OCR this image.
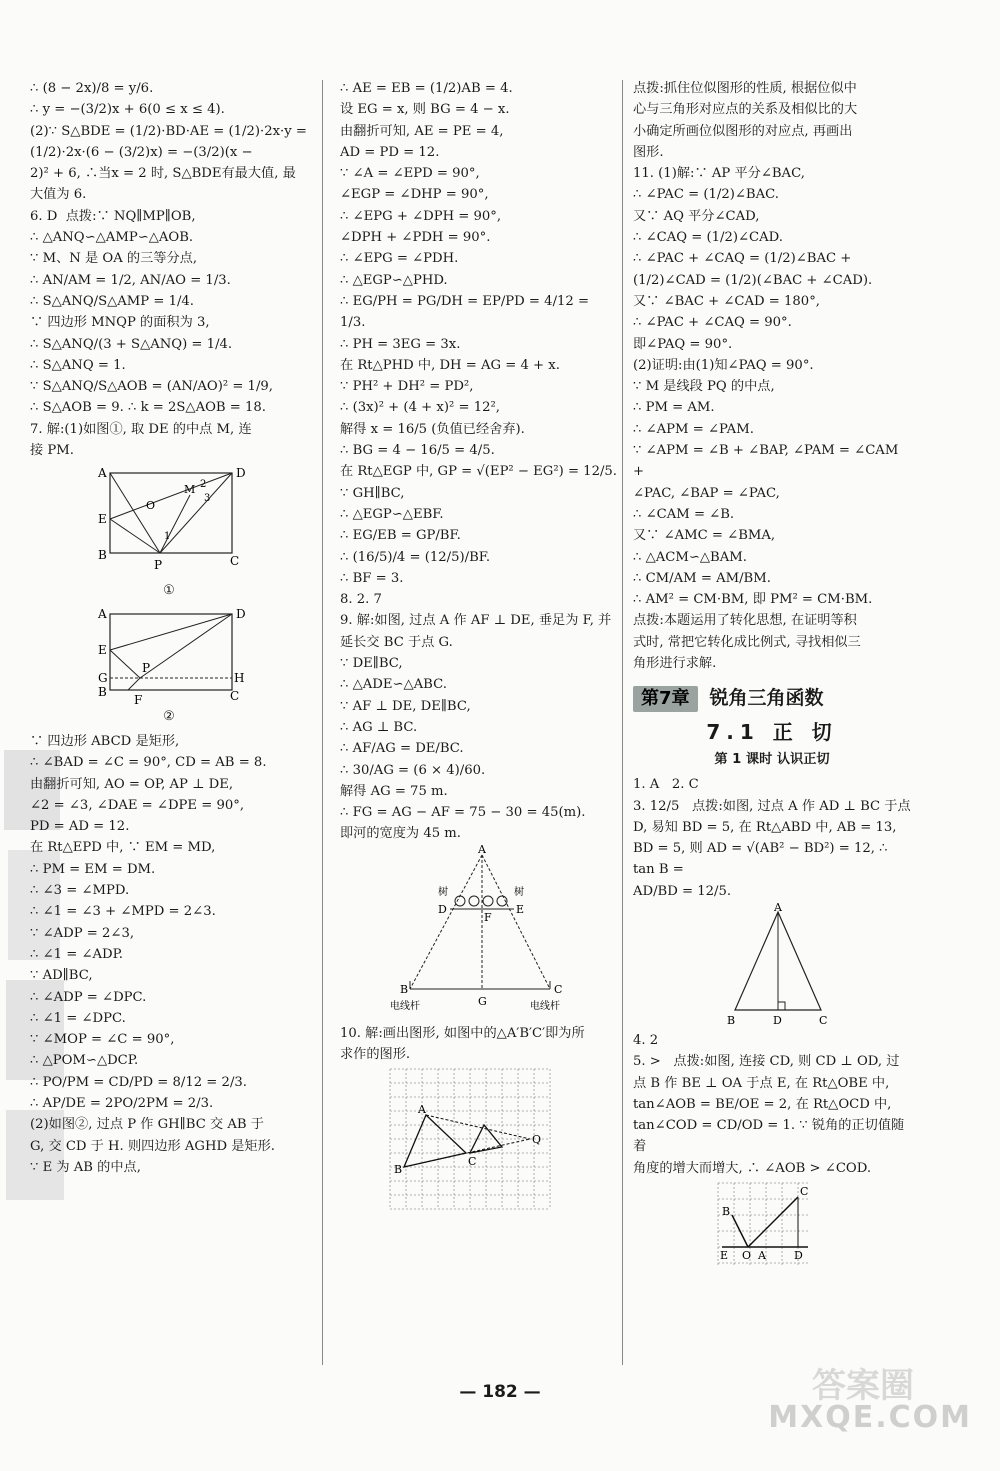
∴ (8 − 2x)/8 = y/6.
∴ y = −(3/2)x + 6(0 ≤ x ≤ 4).
(2)∵ S△BDE = (1/2)·BD·AE = (1/2)·2x·y =
(1/2)·2x·(6 − (3/2)x) = −(3/2)(x −
2)² + 6, ∴当x = 2 时, S△BDE有最大值, 最
大值为 6.
6. D  点拨:∵ NQ∥MP∥OB,
∴ △ANQ∽△AMP∽△AOB.
∵ M、N 是 OA 的三等分点,
∴ AN/AM = 1/2, AN/AO = 1/3.
∴ S△ANQ/S△AMP = 1/4.
∵ 四边形 MNQP 的面积为 3,
∴ S△ANQ/(3 + S△ANQ) = 1/4.
∴ S△ANQ = 1.
∵ S△ANQ/S△AOB = (AN/AO)² = 1/9,
∴ S△AOB = 9. ∴ k = 2S△AOB = 18.
7. 解:(1)如图①, 取 DE 的中点 M, 连
接 PM.
A	D
E
B	C
P
O
M 2
3
1
①
A	D
E
G
B
H
C
P
F
②
∵ 四边形 ABCD 是矩形,
∴ ∠BAD = ∠C = 90°, CD = AB = 8.
由翻折可知, AO = OP, AP ⊥ DE,
∠2 = ∠3, ∠DAE = ∠DPE = 90°,
PD = AD = 12.
在 Rt△EPD 中, ∵ EM = MD,
∴ PM = EM = DM.
∴ ∠3 = ∠MPD.
∴ ∠1 = ∠3 + ∠MPD = 2∠3.
∵ ∠ADP = 2∠3,
∴ ∠1 = ∠ADP.
∵ AD∥BC,
∴ ∠ADP = ∠DPC.
∴ ∠1 = ∠DPC.
∵ ∠MOP = ∠C = 90°,
∴ △POM∽△DCP.
∴ PO/PM = CD/PD = 8/12 = 2/3.
∴ AP/DE = 2PO/2PM = 2/3.
(2)如图②, 过点 P 作 GH∥BC 交 AB 于
G, 交 CD 于 H. 则四边形 AGHD 是矩形.
∵ E 为 AB 的中点,
∴ AE = EB = (1/2)AB = 4.
设 EG = x, 则 BG = 4 − x.
由翻折可知, AE = PE = 4,
AD = PD = 12.
∵ ∠A = ∠EPD = 90°,
∠EGP = ∠DHP = 90°,
∴ ∠EPG + ∠DPH = 90°,
∠DPH + ∠PDH = 90°.
∴ ∠EPG = ∠PDH.
∴ △EGP∽△PHD.
∴ EG/PH = PG/DH = EP/PD = 4/12 = 1/3.
∴ PH = 3EG = 3x.
在 Rt△PHD 中, DH = AG = 4 + x.
∵ PH² + DH² = PD²,
∴ (3x)² + (4 + x)² = 12²,
解得 x = 16/5 (负值已经舍弃).
∴ BG = 4 − 16/5 = 4/5.
在 Rt△EGP 中, GP = √(EP² − EG²) = 12/5.
∵ GH∥BC,
∴ △EGP∽△EBF.
∴ EG/EB = GP/BF.
∴ (16/5)/4 = (12/5)/BF.
∴ BF = 3.
8. 2. 7
9. 解:如图, 过点 A 作 AF ⊥ DE, 垂足为 F, 并
延长交 BC 于点 G.
∵ DE∥BC,
∴ △ADE∽△ABC.
∵ AF ⊥ DE, DE∥BC,
∴ AG ⊥ BC.
∴ AF/AG = DE/BC.
∴ 30/AG = (6 × 4)/60.
解得 AG = 75 m.
∴ FG = AG − AF = 75 − 30 = 45(m).
即河的宽度为 45 m.
A
D	E
F
B	C
G
树	树
电线杆	电线杆
10. 解:画出图形, 如图中的△A′B′C′即为所
求作的图形.
A
B
C
Q
点拨:抓住位似图形的性质, 根据位似中
心与三角形对应点的关系及相似比的大
小确定所画位似图形的对应点, 再画出
图形.
11. (1)解:∵ AP 平分∠BAC,
∴ ∠PAC = (1/2)∠BAC.
又∵ AQ 平分∠CAD,
∴ ∠CAQ = (1/2)∠CAD.
∴ ∠PAC + ∠CAQ = (1/2)∠BAC +
(1/2)∠CAD = (1/2)(∠BAC + ∠CAD).
又∵ ∠BAC + ∠CAD = 180°,
∴ ∠PAC + ∠CAQ = 90°.
即∠PAQ = 90°.
(2)证明:由(1)知∠PAQ = 90°.
∵ M 是线段 PQ 的中点,
∴ PM = AM.
∴ ∠APM = ∠PAM.
∵ ∠APM = ∠B + ∠BAP, ∠PAM = ∠CAM +
∠PAC, ∠BAP = ∠PAC,
∴ ∠CAM = ∠B.
又∵ ∠AMC = ∠BMA,
∴ △ACM∽△BAM.
∴ CM/AM = AM/BM.
∴ AM² = CM·BM, 即 PM² = CM·BM.
点拨:本题运用了转化思想, 在证明等积
式时, 常把它转化成比例式, 寻找相似三
角形进行求解.
第7章	锐角三角函数
7.1 正 切
第 1 课时 认识正切
1. A   2. C
3. 12/5   点拨:如图, 过点 A 作 AD ⊥ BC 于点
D, 易知 BD = 5, 在 Rt△ABD 中, AB = 13,
BD = 5, 则 AD = √(AB² − BD²) = 12, ∴ tan B =
AD/BD = 12/5.
A
B	D	C
4. 2
5. >   点拨:如图, 连接 CD, 则 CD ⊥ OD, 过
点 B 作 BE ⊥ OA 于点 E, 在 Rt△OBE 中,
tan∠AOB = BE/OE = 2, 在 Rt△OCD 中,
tan∠COD = CD/OD = 1. ∵ 锐角的正切值随着
角度的增大而增大, ∴ ∠AOB > ∠COD.
C
B
E O A	D
— 182 —	答案圈
MXQE.COM
